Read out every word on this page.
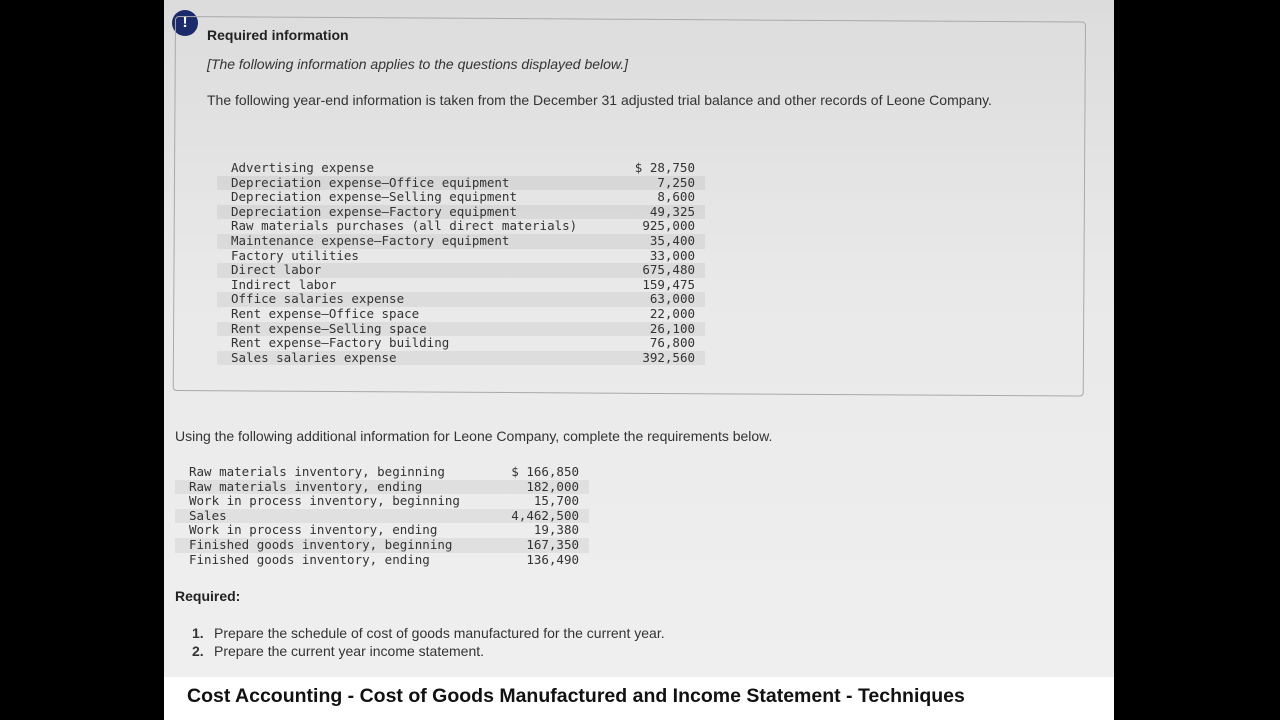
!
Required information
[The following information applies to the questions displayed below.]
The following year-end information is taken from the December 31 adjusted trial balance and other records of Leone Company.
Advertising expense	$ 28,750
Depreciation expense—Office equipment	7,250
Depreciation expense—Selling equipment	8,600
Depreciation expense—Factory equipment	49,325
Raw materials purchases (all direct materials)	925,000
Maintenance expense—Factory equipment	35,400
Factory utilities	33,000
Direct labor	675,480
Indirect labor	159,475
Office salaries expense	63,000
Rent expense—Office space	22,000
Rent expense—Selling space	26,100
Rent expense—Factory building	76,800
Sales salaries expense	392,560
Using the following additional information for Leone Company, complete the requirements below.
Raw materials inventory, beginning	$ 166,850
Raw materials inventory, ending	182,000
Work in process inventory, beginning	15,700
Sales	4,462,500
Work in process inventory, ending	19,380
Finished goods inventory, beginning	167,350
Finished goods inventory, ending	136,490
Required:
1. Prepare the schedule of cost of goods manufactured for the current year.
2. Prepare the current year income statement.
Cost Accounting - Cost of Goods Manufactured and Income Statement - Techniques
